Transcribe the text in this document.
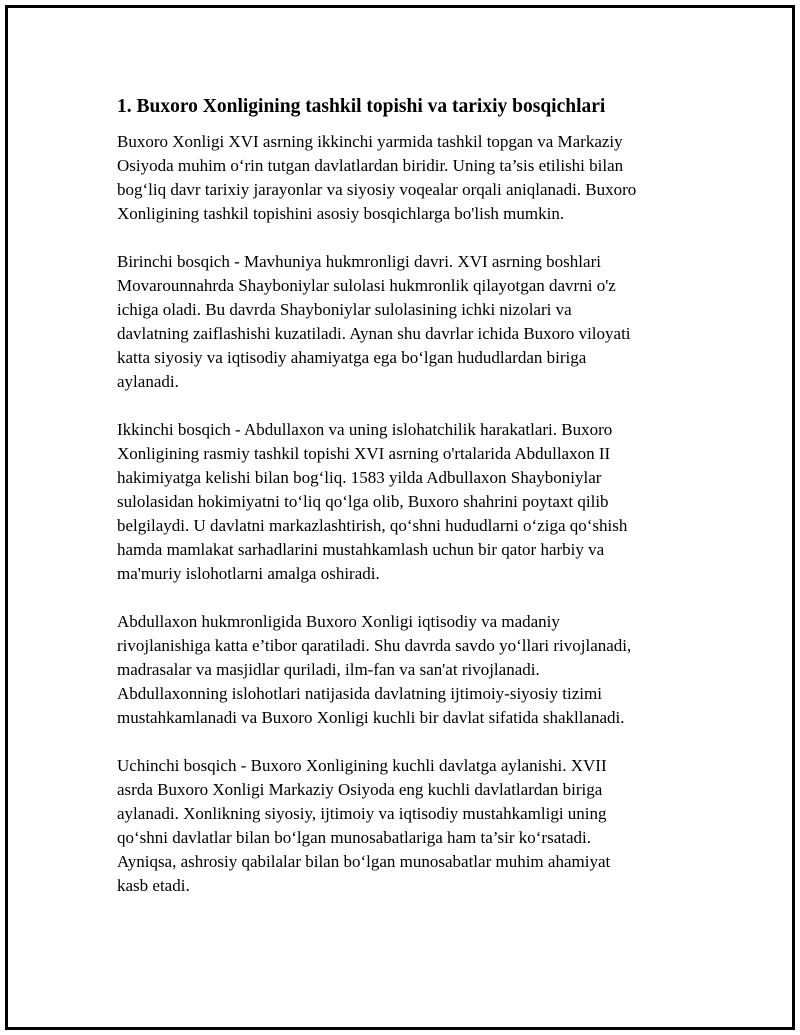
1. Buxoro Xonligining tashkil topishi va tarixiy bosqichlari

Buxoro Xonligi XVI asrning ikkinchi yarmida tashkil topgan va Markaziy
Osiyoda muhim o‘rin tutgan davlatlardan biridir. Uning ta’sis etilishi bilan
bog‘liq davr tarixiy jarayonlar va siyosiy voqealar orqali aniqlanadi. Buxoro
Xonligining tashkil topishini asosiy bosqichlarga bo'lish mumkin.

Birinchi bosqich - Mavhuniya hukmronligi davri. XVI asrning boshlari
Movarounnahrda Shayboniylar sulolasi hukmronlik qilayotgan davrni o'z
ichiga oladi. Bu davrda Shayboniylar sulolasining ichki nizolari va
davlatning zaiflashishi kuzatiladi. Aynan shu davrlar ichida Buxoro viloyati
katta siyosiy va iqtisodiy ahamiyatga ega bo‘lgan hududlardan biriga
aylanadi.

Ikkinchi bosqich - Abdullaxon va uning islohatchilik harakatlari. Buxoro
Xonligining rasmiy tashkil topishi XVI asrning o'rtalarida Abdullaxon II
hakimiyatga kelishi bilan bog‘liq. 1583 yilda Adbullaxon Shayboniylar
sulolasidan hokimiyatni to‘liq qo‘lga olib, Buxoro shahrini poytaxt qilib
belgilaydi. U davlatni markazlashtirish, qo‘shni hududlarni o‘ziga qo‘shish
hamda mamlakat sarhadlarini mustahkamlash uchun bir qator harbiy va
ma'muriy islohotlarni amalga oshiradi.

Abdullaxon hukmronligida Buxoro Xonligi iqtisodiy va madaniy
rivojlanishiga katta e’tibor qaratiladi. Shu davrda savdo yo‘llari rivojlanadi,
madrasalar va masjidlar quriladi, ilm-fan va san'at rivojlanadi.
Abdullaxonning islohotlari natijasida davlatning ijtimoiy-siyosiy tizimi
mustahkamlanadi va Buxoro Xonligi kuchli bir davlat sifatida shakllanadi.

Uchinchi bosqich - Buxoro Xonligining kuchli davlatga aylanishi. XVII
asrda Buxoro Xonligi Markaziy Osiyoda eng kuchli davlatlardan biriga
aylanadi. Xonlikning siyosiy, ijtimoiy va iqtisodiy mustahkamligi uning
qo‘shni davlatlar bilan bo‘lgan munosabatlariga ham ta’sir ko‘rsatadi.
Ayniqsa, ashrosiy qabilalar bilan bo‘lgan munosabatlar muhim ahamiyat
kasb etadi.
